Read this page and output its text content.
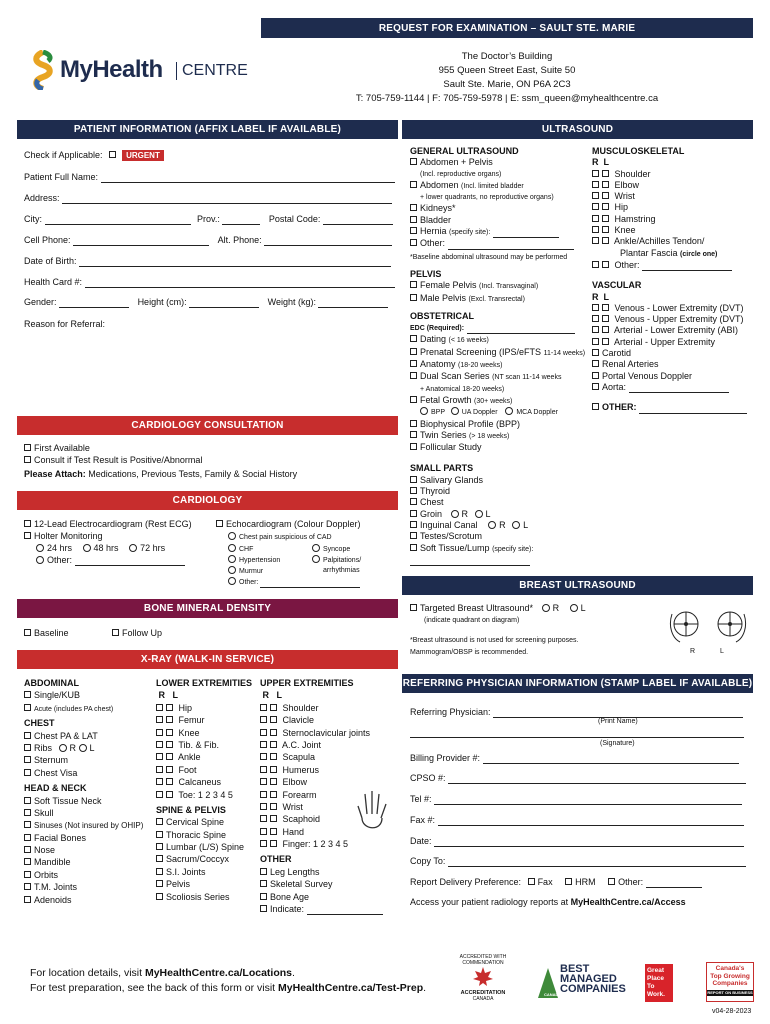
REQUEST FOR EXAMINATION – SAULT STE. MARIE
MyHealth	CENTRE
The Doctor’s Building
955 Queen Street East, Suite 50
Sault Ste. Marie, ON P6A 2C3
T: 705-759-1144 | F: 705-759-5978 | E: ssm_queen@myhealthcentre.ca
PATIENT INFORMATION (AFFIX LABEL IF AVAILABLE)
Check if Applicable:	URGENT
Patient Full Name:
Address:
City:	Prov.:	Postal Code:
Cell Phone:	Alt. Phone:
Date of Birth:
Health Card #:
Gender:	Height (cm):	Weight (kg):
Reason for Referral:
CARDIOLOGY CONSULTATION
First Available
Consult if Test Result is Positive/Abnormal
Please Attach: Medications, Previous Tests, Family & Social History
CARDIOLOGY
12-Lead Electrocardiogram (Rest ECG)
Holter Monitoring
24 hrs 48 hrs 72 hrs
Other:
Echocardiogram (Colour Doppler)
Chest pain suspicious of CAD
CHF	Syncope
Hypertension	Palpitations/
arrhythmias
Murmur
Other:
BONE MINERAL DENSITY
Baseline	Follow Up
X-RAY (WALK-IN SERVICE)
ABDOMINAL
Single/KUB
Acute (includes PA chest)
CHEST
Chest PA & LAT
Ribs R L
Sternum
Chest Visa
HEAD & NECK
Soft Tissue Neck
Skull
Sinuses (Not insured by OHIP)
Facial Bones
Nose
Mandible
Orbits
T.M. Joints
Adenoids
LOWER EXTREMITIES
R L
Hip
Femur
Knee
Tib. & Fib.
Ankle
Foot
Calcaneus
Toe: 1 2 3 4 5
SPINE & PELVIS
Cervical Spine
Thoracic Spine
Lumbar (L/S) Spine
Sacrum/Coccyx
S.I. Joints
Pelvis
Scoliosis Series
UPPER EXTREMITIES
R L
Shoulder
Clavicle
Sternoclavicular joints
A.C. Joint
Scapula
Humerus
Elbow
Forearm
Wrist
Scaphoid
Hand
Finger: 1 2 3 4 5
OTHER
Leg Lengths
Skeletal Survey
Bone Age
Indicate:
ULTRASOUND
GENERAL ULTRASOUND
Abdomen + Pelvis
(Incl. reproductive organs)
Abdomen (Incl. limited bladder
+ lower quadrants, no reproductive organs)
Kidneys*
Bladder
Hernia (specify site):
Other:
*Baseline abdominal ultrasound may be performed
PELVIS
Female Pelvis (Incl. Transvaginal)
Male Pelvis (Excl. Transrectal)
OBSTETRICAL
EDC (Required):
Dating (< 16 weeks)
Prenatal Screening (IPS/eFTS 11-14 weeks)
Anatomy (18-20 weeks)
Dual Scan Series (NT scan 11-14 weeks
+ Anatomical 18-20 weeks)
Fetal Growth (30+ weeks)
BPP UA Doppler	MCA Doppler
Biophysical Profile (BPP)
Twin Series (> 18 weeks)
Follicular Study
SMALL PARTS
Salivary Glands
Thyroid
Chest
Groin R L
Inguinal Canal R L
Testes/Scrotum
Soft Tissue/Lump (specify site):
MUSCULOSKELETAL
R L
Shoulder
Elbow
Wrist
Hip
Hamstring
Knee
Ankle/Achilles Tendon/
Plantar Fascia (circle one)
Other:
VASCULAR
R L
Venous - Lower Extremity (DVT)
Venous - Upper Extremity (DVT)
Arterial - Lower Extremity (ABI)
Arterial - Upper Extremity
Carotid
Renal Arteries
Portal Venous Doppler
Aorta:
OTHER:
BREAST ULTRASOUND
Targeted Breast Ultrasound* R L
(indicate quadrant on diagram)
*Breast ultrasound is not used for screening purposes.
Mammogram/OBSP is recommended.	R	L
REFERRING PHYSICIAN INFORMATION (STAMP LABEL IF AVAILABLE)
Referring Physician:
(Print Name)
(Signature)
Billing Provider #:
CPSO #:
Tel #:
Fax #:
Date:
Copy To:
Report Delivery Preference: Fax	HRM	Other:
Access your patient radiology reports at MyHealthCentre.ca/Access
For location details, visit MyHealthCentre.ca/Locations.
For test preparation, see the back of this form or visit MyHealthCentre.ca/Test-Prep.
ACCREDITED WITH COMMENDATION
ACCREDITATION
CANADA
CANADA'S
BEST
MANAGED
COMPANIES
Great Place To Work.
Canada's
Top Growing
Companies
REPORT ON BUSINESS
v04-28-2023
